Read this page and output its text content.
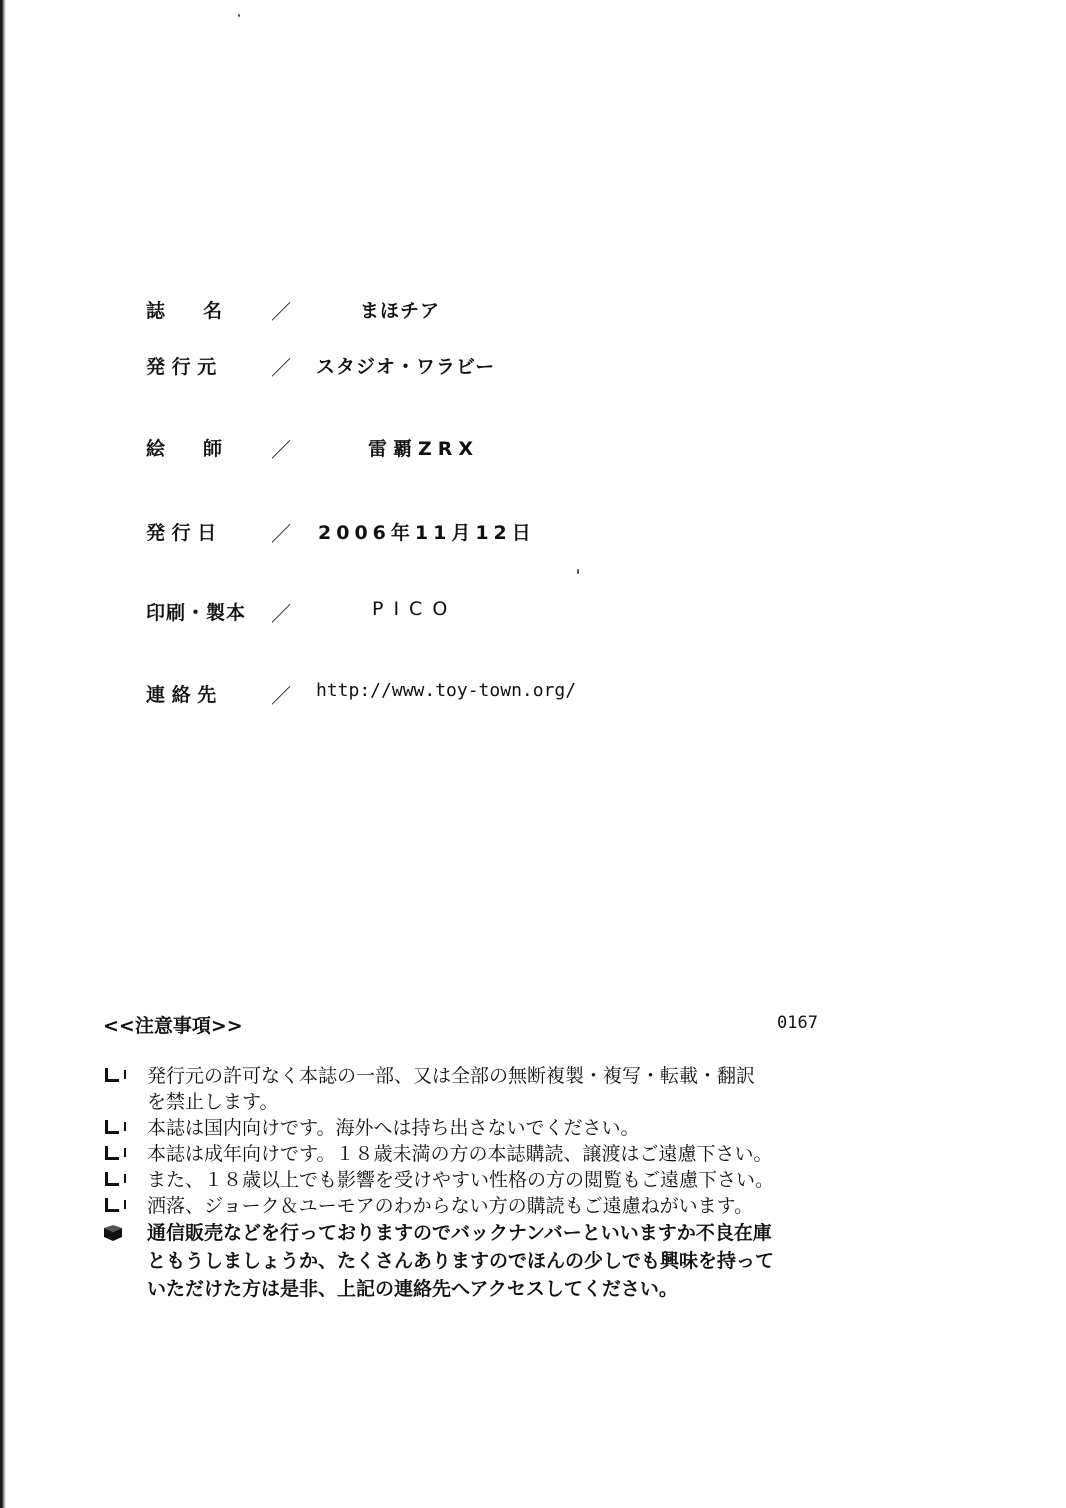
誌　　名 ／	まほチア
発 行 元	／ スタジオ・ワラビー
絵　　師 ／	雷覇ZRX
発 行 日	／ 2006年11月12日
印刷・製本 ／	PICO
連 絡 先	／ http://www.toy-town.org/
<<注意事項>>	0167
発行元の許可なく本誌の一部、又は全部の無断複製・複写・転載・翻訳
を禁止します。
本誌は国内向けです。海外へは持ち出さないでください。
本誌は成年向けです。１８歳未満の方の本誌購読、譲渡はご遠慮下さい。
また、１８歳以上でも影響を受けやすい性格の方の閲覧もご遠慮下さい。
洒落、ジョーク＆ユーモアのわからない方の購読もご遠慮ねがいます。
通信販売などを行っておりますのでバックナンバーといいますか不良在庫
ともうしましょうか、たくさんありますのでほんの少しでも興味を持って
いただけた方は是非、上記の連絡先へアクセスしてください。
